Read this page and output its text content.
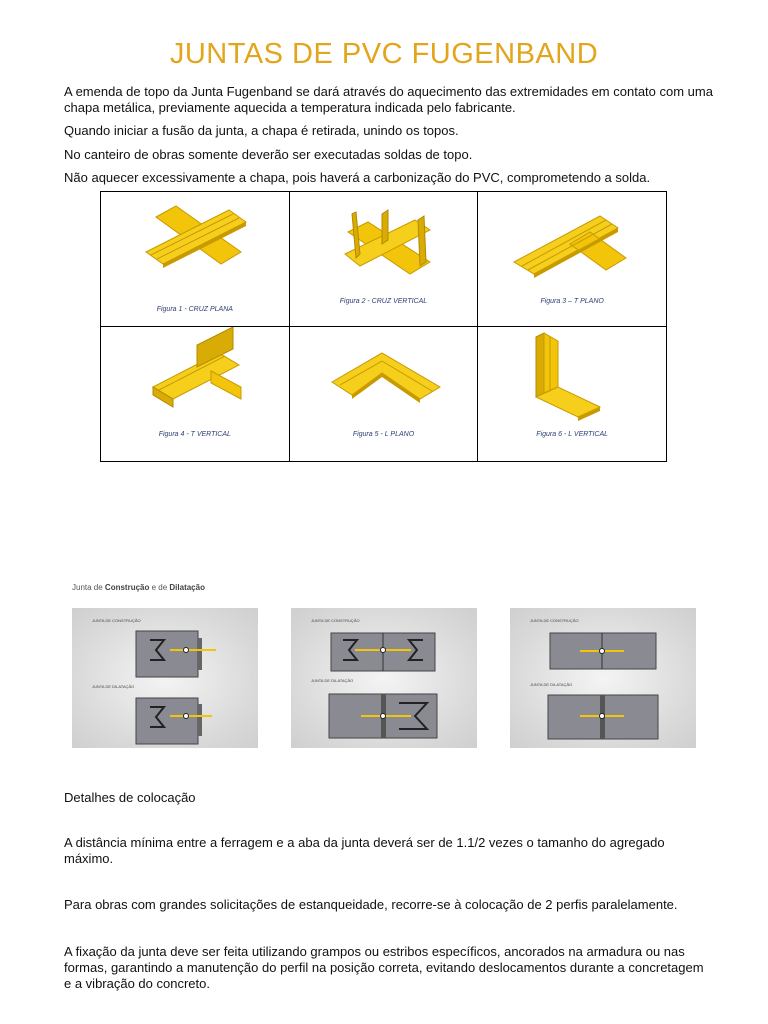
JUNTAS DE PVC FUGENBAND

A emenda de topo da Junta Fugenband se dará através do aquecimento das extremidades em contato com uma chapa metálica, previamente aquecida a temperatura indicada pelo fabricante.

Quando iniciar a fusão da junta, a chapa é retirada, unindo os topos.

No canteiro de obras somente deverão ser executadas soldas de topo.

Não aquecer excessivamente a chapa, pois haverá a carbonização do PVC, comprometendo a solda.

Figura 1 - CRUZ PLANA	Figura 2 - CRUZ VERTICAL	Figura 3 – T PLANO

Figura 4 - T VERTICAL	Figura 5 - L PLANO	Figura 6 - L VERTICAL
Junta de Construção e de Dilatação
JUNTA DE CONSTRUÇÃO
JUNTA DE DILATAÇÃO
JUNTA DE CONSTRUÇÃO
JUNTA DE DILATAÇÃO
JUNTA DE CONSTRUÇÃO
JUNTA DE DILATAÇÃO

Detalhes de colocação

A distância mínima entre a ferragem e a aba da junta deverá ser de 1.1/2 vezes o tamanho do agregado máximo.

Para obras com grandes solicitações de estanqueidade, recorre-se à colocação de 2 perfis paralelamente.

A fixação da junta deve ser feita utilizando grampos ou estribos específicos, ancorados na armadura ou nas formas, garantindo a manutenção do perfil na posição correta, evitando deslocamentos durante a concretagem e a vibração do concreto.
